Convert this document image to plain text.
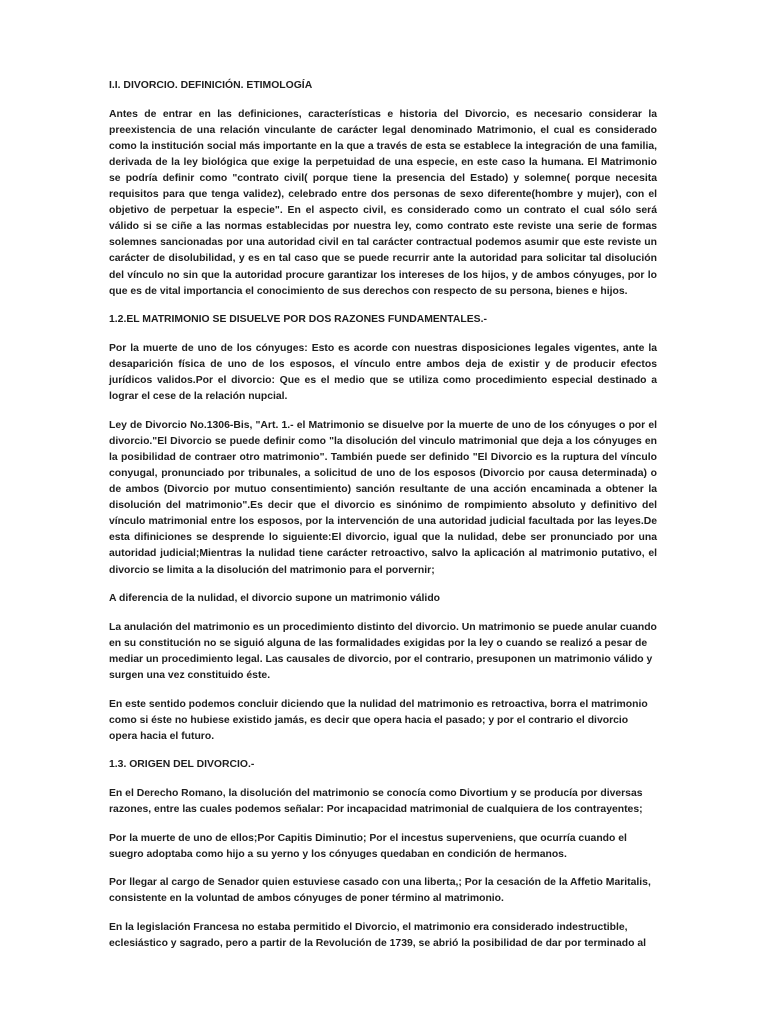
I.I. DIVORCIO. DEFINICIÓN. ETIMOLOGÍA

Antes de entrar en las definiciones, características e historia del Divorcio, es necesario considerar la preexistencia de una relación vinculante de carácter legal denominado Matrimonio, el cual es considerado como la institución social más importante en la que a través de esta se establece la integración de una familia, derivada de la ley biológica que exige la perpetuidad de una especie, en este caso la humana. El Matrimonio se podría definir como "contrato civil( porque tiene la presencia del Estado) y solemne( porque necesita requisitos para que tenga validez), celebrado entre dos personas de sexo diferente(hombre y mujer), con el objetivo de perpetuar la especie". En el aspecto civil, es considerado como un contrato el cual sólo será válido si se ciñe a las normas establecidas por nuestra ley, como contrato este reviste una serie de formas solemnes sancionadas por una autoridad civil en tal carácter contractual podemos asumir que este reviste un carácter de disolubilidad, y es en tal caso que se puede recurrir ante la autoridad para solicitar tal disolución del vínculo no sin que la autoridad procure garantizar los intereses de los hijos, y de ambos cónyuges, por lo que es de vital importancia el conocimiento de sus derechos con respecto de su persona, bienes e hijos.

1.2.EL MATRIMONIO SE DISUELVE POR DOS RAZONES FUNDAMENTALES.-

Por la muerte de uno de los cónyuges: Esto es acorde con nuestras disposiciones legales vigentes, ante la desaparición física de uno de los esposos, el vínculo entre ambos deja de existir y de producir efectos jurídicos validos.Por el divorcio: Que es el medio que se utiliza como procedimiento especial destinado a lograr el cese de la relación nupcial.

Ley de Divorcio No.1306-Bis, "Art. 1.- el Matrimonio se disuelve por la muerte de uno de los cónyuges o por el divorcio."El Divorcio se puede definir como "la disolución del vinculo matrimonial que deja a los cónyuges en la posibilidad de contraer otro matrimonio". También puede ser definido "El Divorcio es la ruptura del vínculo conyugal, pronunciado por tribunales, a solicitud de uno de los esposos (Divorcio por causa determinada) o de ambos (Divorcio por mutuo consentimiento) sanción resultante de una acción encaminada a obtener la disolución del matrimonio".Es decir que el divorcio es sinónimo de rompimiento absoluto y definitivo del vínculo matrimonial entre los esposos, por la intervención de una autoridad judicial facultada por las leyes.De esta difiniciones se desprende lo siguiente:El divorcio, igual que la nulidad, debe ser pronunciado por una autoridad judicial;Mientras la nulidad tiene carácter retroactivo, salvo la aplicación al matrimonio putativo, el divorcio se limita a la disolución del matrimonio para el porvernir;

A diferencia de la nulidad, el divorcio supone un matrimonio válido

La anulación del matrimonio es un procedimiento distinto del divorcio. Un matrimonio se puede anular cuando en su constitución no se siguió alguna de las formalidades exigidas por la ley o cuando se realizó a pesar de mediar un procedimiento legal. Las causales de divorcio, por el contrario, presuponen un matrimonio válido y surgen una vez constituido éste.

En este sentido podemos concluir diciendo que la nulidad del matrimonio es retroactiva, borra el matrimonio como si éste no hubiese existido jamás, es decir que opera hacia el pasado; y por el contrario el divorcio opera hacia el futuro.

1.3. ORIGEN DEL DIVORCIO.-

En el Derecho Romano, la disolución del matrimonio se conocía como Divortium y se producía por diversas razones, entre las cuales podemos señalar: Por incapacidad matrimonial de cualquiera de los contrayentes;

Por la muerte de uno de ellos;Por Capitis Diminutio; Por el incestus superveniens, que ocurría cuando el suegro adoptaba como hijo a su yerno y los cónyuges quedaban en condición de hermanos.

Por llegar al cargo de Senador quien estuviese casado con una liberta,; Por la cesación de la Affetio Maritalis, consistente en la voluntad de ambos cónyuges de poner término al matrimonio.

En la legislación Francesa no estaba permitido el Divorcio, el matrimonio era considerado indestructible, eclesiástico y sagrado, pero a partir de la Revolución de 1739, se abrió la posibilidad de dar por terminado al
